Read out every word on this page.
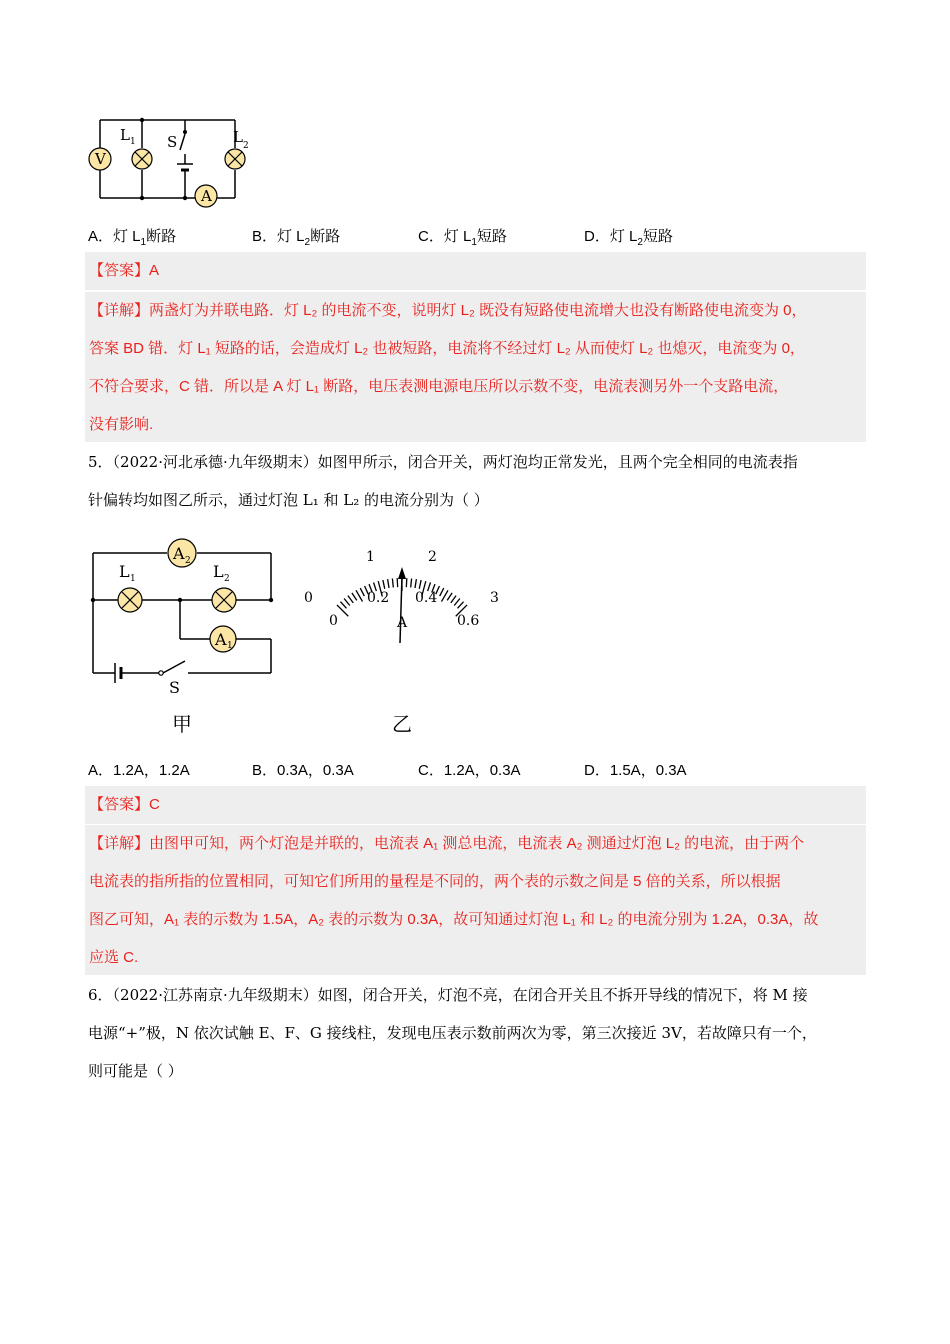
V
L 1 S	L 2
A
A．灯 $L_1$断路	B．灯 $L_2$断路	C．灯 $L_1$短路	D．灯 $L_2$短路
【答案】A
【详解】两盏灯为并联电路．灯 L₂ 的电流不变，说明灯 L₂ 既没有短路使电流增大也没有断路使电流变为 0，
答案 BD 错．灯 L₁ 短路的话，会造成灯 L₂ 也被短路，电流将不经过灯 L₂ 从而使灯 L₂ 也熄灭，电流变为 0，
不符合要求，C 错．所以是 A 灯 L₁ 断路，电压表测电源电压所以示数不变，电流表测另外一个支路电流，
没有影响.
5．（2022·河北承德·九年级期末）如图甲所示，闭合开关，两灯泡均正常发光，且两个完全相同的电流表指
针偏转均如图乙所示，通过灯泡 L₁ 和 L₂ 的电流分别为（ ）
A 2
L 1	L 2
A 1
S
甲
0
1	2
3
0
0.2 0.4
0.6
A
乙
A．1.2A，1.2A	B．0.3A，0.3A	C．1.2A，0.3A	D．1.5A，0.3A
【答案】C
【详解】由图甲可知，两个灯泡是并联的，电流表 A₁ 测总电流，电流表 A₂ 测通过灯泡 L₂ 的电流，由于两个
电流表的指所指的位置相同，可知它们所用的量程是不同的，两个表的示数之间是 5 倍的关系，所以根据
图乙可知，A₁ 表的示数为 1.5A，A₂ 表的示数为 0.3A，故可知通过灯泡 L₁ 和 L₂ 的电流分别为 1.2A，0.3A，故
应选 C.
6．（2022·江苏南京·九年级期末）如图，闭合开关，灯泡不亮，在闭合开关且不拆开导线的情况下，将 M 接
电源“+”极，N 依次试触 E、F、G 接线柱，发现电压表示数前两次为零，第三次接近 3V，若故障只有一个，
则可能是（ ）
